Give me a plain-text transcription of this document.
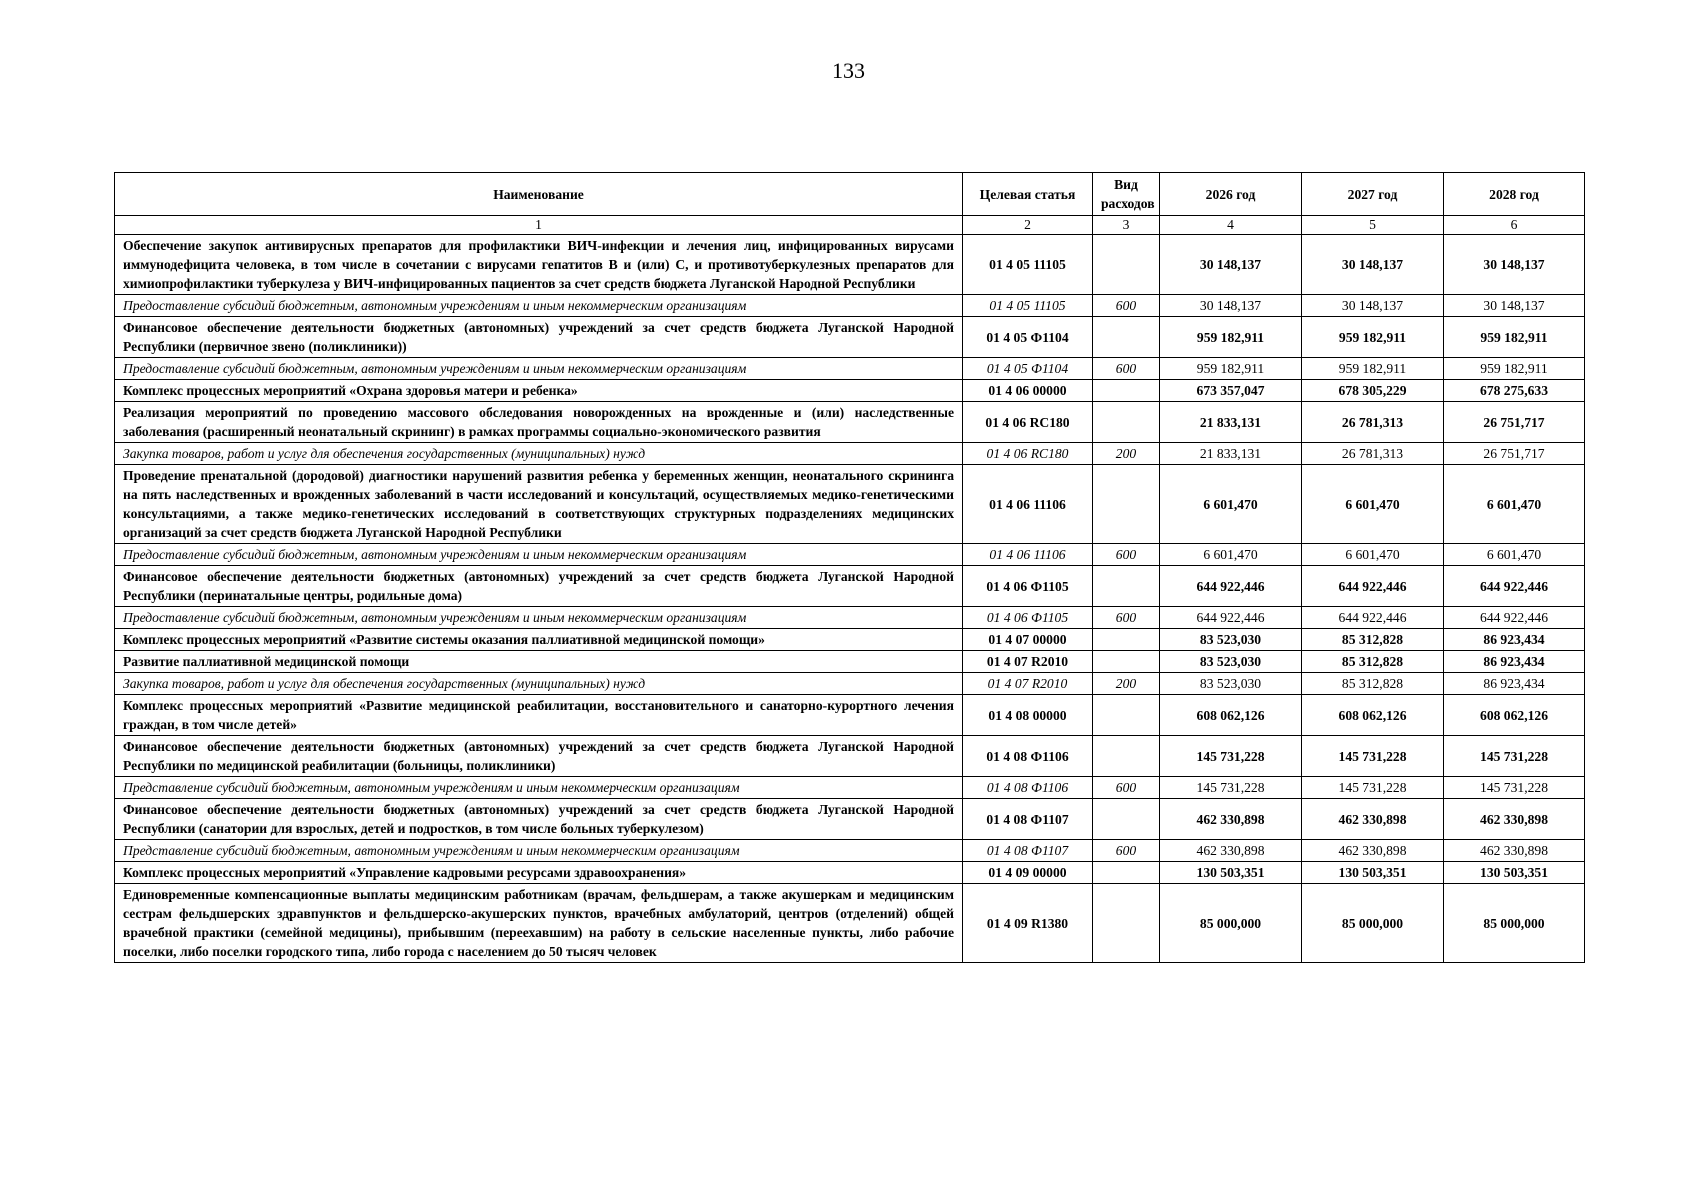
133
Наименование	Целевая статья	Вид расходов	2026 год	2027 год	2028 год
1	2	3	4	5	6
Обеспечение закупок антивирусных препаратов для профилактики ВИЧ-инфекции и лечения лиц, инфицированных вирусами иммунодефицита человека, в том числе в сочетании с вирусами гепатитов B и (или) C, и противотуберкулезных препаратов для химиопрофилактики туберкулеза у ВИЧ-инфицированных пациентов за счет средств бюджета Луганской Народной Республики	01 4 05 11105		30 148,137	30 148,137	30 148,137
Предоставление субсидий бюджетным, автономным учреждениям и иным некоммерческим организациям	01 4 05 11105	600	30 148,137	30 148,137	30 148,137
Финансовое обеспечение деятельности бюджетных (автономных) учреждений за счет средств бюджета Луганской Народной Республики (первичное звено (поликлиники))	01 4 05 Ф1104		959 182,911	959 182,911	959 182,911
Предоставление субсидий бюджетным, автономным учреждениям и иным некоммерческим организациям	01 4 05 Ф1104	600	959 182,911	959 182,911	959 182,911
Комплекс процессных мероприятий «Охрана здоровья матери и ребенка»	01 4 06 00000		673 357,047	678 305,229	678 275,633
Реализация мероприятий по проведению массового обследования новорожденных на врожденные и (или) наследственные заболевания (расширенный неонатальный скрининг) в рамках программы социально-экономического развития	01 4 06 RC180		21 833,131	26 781,313	26 751,717
Закупка товаров, работ и услуг для обеспечения государственных (муниципальных) нужд	01 4 06 RC180	200	21 833,131	26 781,313	26 751,717
Проведение пренатальной (дородовой) диагностики нарушений развития ребенка у беременных женщин, неонатального скрининга на пять наследственных и врожденных заболеваний в части исследований и консультаций, осуществляемых медико-генетическими консультациями, а также медико-генетических исследований в соответствующих структурных подразделениях медицинских организаций за счет средств бюджета Луганской Народной Республики	01 4 06 11106		6 601,470	6 601,470	6 601,470
Предоставление субсидий бюджетным, автономным учреждениям и иным некоммерческим организациям	01 4 06 11106	600	6 601,470	6 601,470	6 601,470
Финансовое обеспечение деятельности бюджетных (автономных) учреждений за счет средств бюджета Луганской Народной Республики (перинатальные центры, родильные дома)	01 4 06 Ф1105		644 922,446	644 922,446	644 922,446
Предоставление субсидий бюджетным, автономным учреждениям и иным некоммерческим организациям	01 4 06 Ф1105	600	644 922,446	644 922,446	644 922,446
Комплекс процессных мероприятий «Развитие системы оказания паллиативной медицинской помощи»	01 4 07 00000		83 523,030	85 312,828	86 923,434
Развитие паллиативной медицинской помощи	01 4 07 R2010		83 523,030	85 312,828	86 923,434
Закупка товаров, работ и услуг для обеспечения государственных (муниципальных) нужд	01 4 07 R2010	200	83 523,030	85 312,828	86 923,434
Комплекс процессных мероприятий «Развитие медицинской реабилитации, восстановительного и санаторно-курортного лечения граждан, в том числе детей»	01 4 08 00000		608 062,126	608 062,126	608 062,126
Финансовое обеспечение деятельности бюджетных (автономных) учреждений за счет средств бюджета Луганской Народной Республики по медицинской реабилитации (больницы, поликлиники)	01 4 08 Ф1106		145 731,228	145 731,228	145 731,228
Представление субсидий бюджетным, автономным учреждениям и иным некоммерческим организациям	01 4 08 Ф1106	600	145 731,228	145 731,228	145 731,228
Финансовое обеспечение деятельности бюджетных (автономных) учреждений за счет средств бюджета Луганской Народной Республики (санатории для взрослых, детей и подростков, в том числе больных туберкулезом)	01 4 08 Ф1107		462 330,898	462 330,898	462 330,898
Представление субсидий бюджетным, автономным учреждениям и иным некоммерческим организациям	01 4 08 Ф1107	600	462 330,898	462 330,898	462 330,898
Комплекс процессных мероприятий «Управление кадровыми ресурсами здравоохранения»	01 4 09 00000		130 503,351	130 503,351	130 503,351
Единовременные компенсационные выплаты медицинским работникам (врачам, фельдшерам, а также акушеркам и медицинским сестрам фельдшерских здравпунктов и фельдшерско-акушерских пунктов, врачебных амбулаторий, центров (отделений) общей врачебной практики (семейной медицины), прибывшим (переехавшим) на работу в сельские населенные пункты, либо рабочие поселки, либо поселки городского типа, либо города с населением до 50 тысяч человек	01 4 09 R1380		85 000,000	85 000,000	85 000,000
